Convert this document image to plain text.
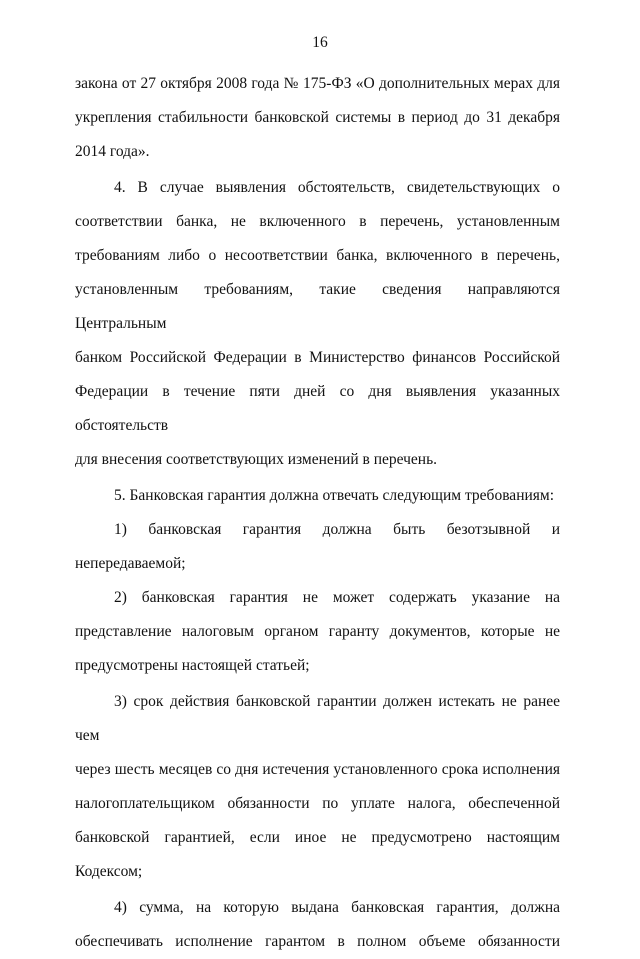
16

закона от 27 октября 2008 года № 175-ФЗ «О дополнительных мерах для

укрепления стабильности банковской системы в период до 31 декабря

2014 года».

4. В случае выявления обстоятельств, свидетельствующих о

соответствии банка, не включенного в перечень, установленным

требованиям либо о несоответствии банка, включенного в перечень,

установленным требованиям, такие сведения направляются Центральным

банком Российской Федерации в Министерство финансов Российской

Федерации в течение пяти дней со дня выявления указанных обстоятельств

для внесения соответствующих изменений в перечень.

5. Банковская гарантия должна отвечать следующим требованиям:

1) банковская гарантия должна быть безотзывной и непередаваемой;

2) банковская гарантия не может содержать указание на

представление налоговым органом гаранту документов, которые не

предусмотрены настоящей статьей;

3) срок действия банковской гарантии должен истекать не ранее чем

через шесть месяцев со дня истечения установленного срока исполнения

налогоплательщиком обязанности по уплате налога, обеспеченной

банковской гарантией, если иное не предусмотрено настоящим Кодексом;

4) сумма, на которую выдана банковская гарантия, должна

обеспечивать исполнение гарантом в полном объеме обязанности
